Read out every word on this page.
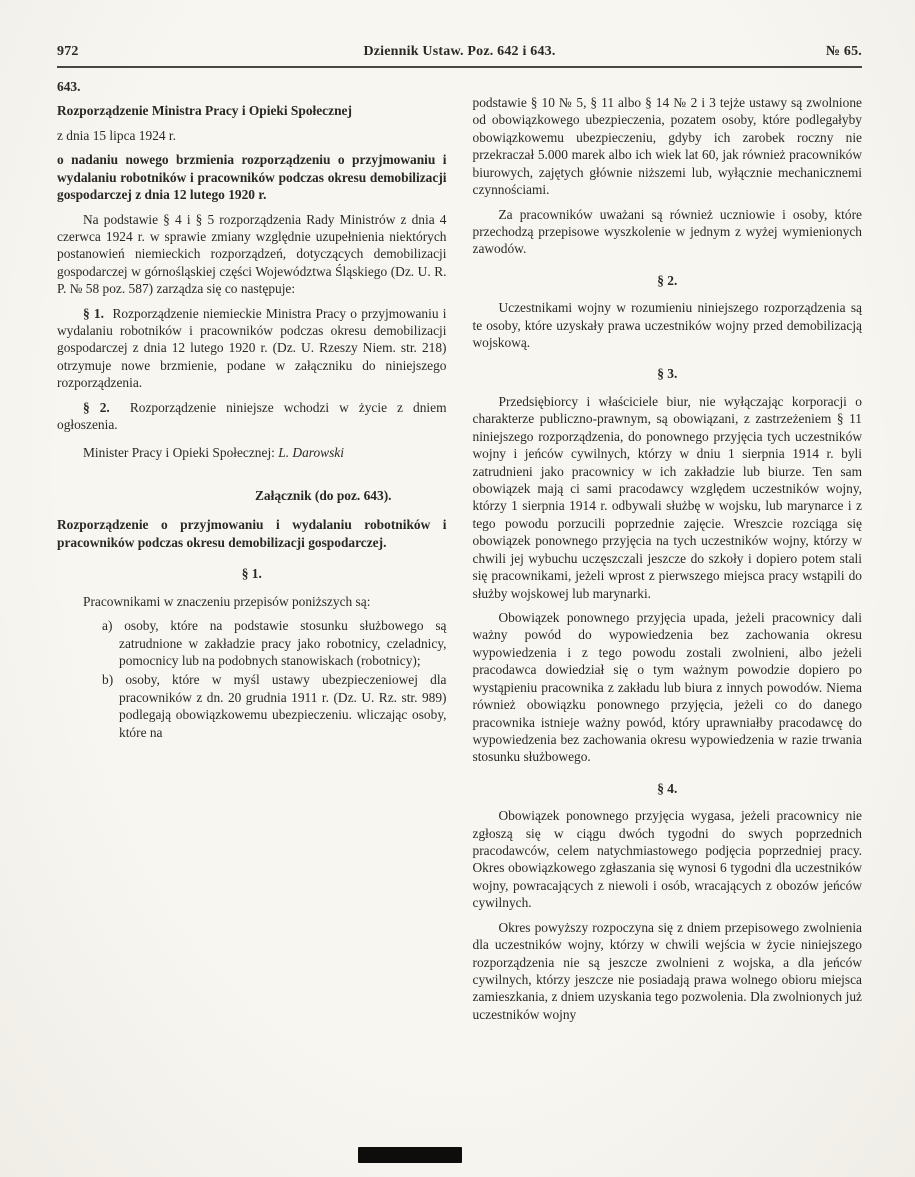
972	Dziennik Ustaw. Poz. 642 i 643.	№ 65.
643.
Rozporządzenie Ministra Pracy i Opieki Społecznej
z dnia 15 lipca 1924 r.
o nadaniu nowego brzmienia rozporządzeniu o przyjmowaniu i wydalaniu robotników i pracowników podczas okresu demobilizacji gospodarczej z dnia 12 lutego 1920 r.

Na podstawie § 4 i § 5 rozporządzenia Rady Ministrów z dnia 4 czerwca 1924 r. w sprawie zmiany względnie uzupełnienia niektórych postanowień niemieckich rozporządzeń, dotyczących demobilizacji gospodarczej w górnośląskiej części Województwa Śląskiego (Dz. U. R. P. № 58 poz. 587) zarządza się co następuje:

§ 1. Rozporządzenie niemieckie Ministra Pracy o przyjmowaniu i wydalaniu robotników i pracowników podczas okresu demobilizacji gospodarczej z dnia 12 lutego 1920 r. (Dz. U. Rzeszy Niem. str. 218) otrzymuje nowe brzmienie, podane w załączniku do niniejszego rozporządzenia.

§ 2. Rozporządzenie niniejsze wchodzi w życie z dniem ogłoszenia.

Minister Pracy i Opieki Społecznej: L. Darowski

Załącznik (do poz. 643).

Rozporządzenie o przyjmowaniu i wydalaniu robotników i pracowników podczas okresu demobilizacji gospodarczej.

§ 1.

Pracownikami w znaczeniu przepisów poniższych są:

a) osoby, które na podstawie stosunku służbowego są zatrudnione w zakładzie pracy jako robotnicy, czeladnicy, pomocnicy lub na podobnych stanowiskach (robotnicy);

b) osoby, które w myśl ustawy ubezpieczeniowej dla pracowników z dn. 20 grudnia 1911 r. (Dz. U. Rz. str. 989) podlegają obowiązkowemu ubezpieczeniu. wliczając osoby, które na

podstawie § 10 № 5, § 11 albo § 14 № 2 i 3 tejże ustawy są zwolnione od obowiązkowego ubezpieczenia, pozatem osoby, które podlegałyby obowiązkowemu ubezpieczeniu, gdyby ich zarobek roczny nie przekraczał 5.000 marek albo ich wiek lat 60, jak również pracowników biurowych, zajętych głównie niższemi lub, wyłącznie mechanicznemi czynnościami.

Za pracowników uważani są również uczniowie i osoby, które przechodzą przepisowe wyszkolenie w jednym z wyżej wymienionych zawodów.

§ 2.

Uczestnikami wojny w rozumieniu niniejszego rozporządzenia są te osoby, które uzyskały prawa uczestników wojny przed demobilizacją wojskową.

§ 3.

Przedsiębiorcy i właściciele biur, nie wyłączając korporacji o charakterze publiczno-prawnym, są obowiązani, z zastrzeżeniem § 11 niniejszego rozporządzenia, do ponownego przyjęcia tych uczestników wojny i jeńców cywilnych, którzy w dniu 1 sierpnia 1914 r. byli zatrudnieni jako pracownicy w ich zakładzie lub biurze. Ten sam obowiązek mają ci sami pracodawcy względem uczestników wojny, którzy 1 sierpnia 1914 r. odbywali służbę w wojsku, lub marynarce i z tego powodu porzucili poprzednie zajęcie. Wreszcie rozciąga się obowiązek ponownego przyjęcia na tych uczestników wojny, którzy w chwili jej wybuchu uczęszczali jeszcze do szkoły i dopiero potem stali się pracownikami, jeżeli wprost z pierwszego miejsca pracy wstąpili do służby wojskowej lub marynarki.

Obowiązek ponownego przyjęcia upada, jeżeli pracownicy dali ważny powód do wypowiedzenia bez zachowania okresu wypowiedzenia i z tego powodu zostali zwolnieni, albo jeżeli pracodawca dowiedział się o tym ważnym powodzie dopiero po wystąpieniu pracownika z zakładu lub biura z innych powodów. Niema również obowiązku ponownego przyjęcia, jeżeli co do danego pracownika istnieje ważny powód, który uprawniałby pracodawcę do wypowiedzenia bez zachowania okresu wypowiedzenia w razie trwania stosunku służbowego.

§ 4.

Obowiązek ponownego przyjęcia wygasa, jeżeli pracownicy nie zgłoszą się w ciągu dwóch tygodni do swych poprzednich pracodawców, celem natychmiastowego podjęcia poprzedniej pracy. Okres obowiązkowego zgłaszania się wynosi 6 tygodni dla uczestników wojny, powracających z niewoli i osób, wracających z obozów jeńców cywilnych.

Okres powyższy rozpoczyna się z dniem przepisowego zwolnienia dla uczestników wojny, którzy w chwili wejścia w życie niniejszego rozporządzenia nie są jeszcze zwolnieni z wojska, a dla jeńców cywilnych, którzy jeszcze nie posiadają prawa wolnego obioru miejsca zamieszkania, z dniem uzyskania tego pozwolenia. Dla zwolnionych już uczestników wojny
